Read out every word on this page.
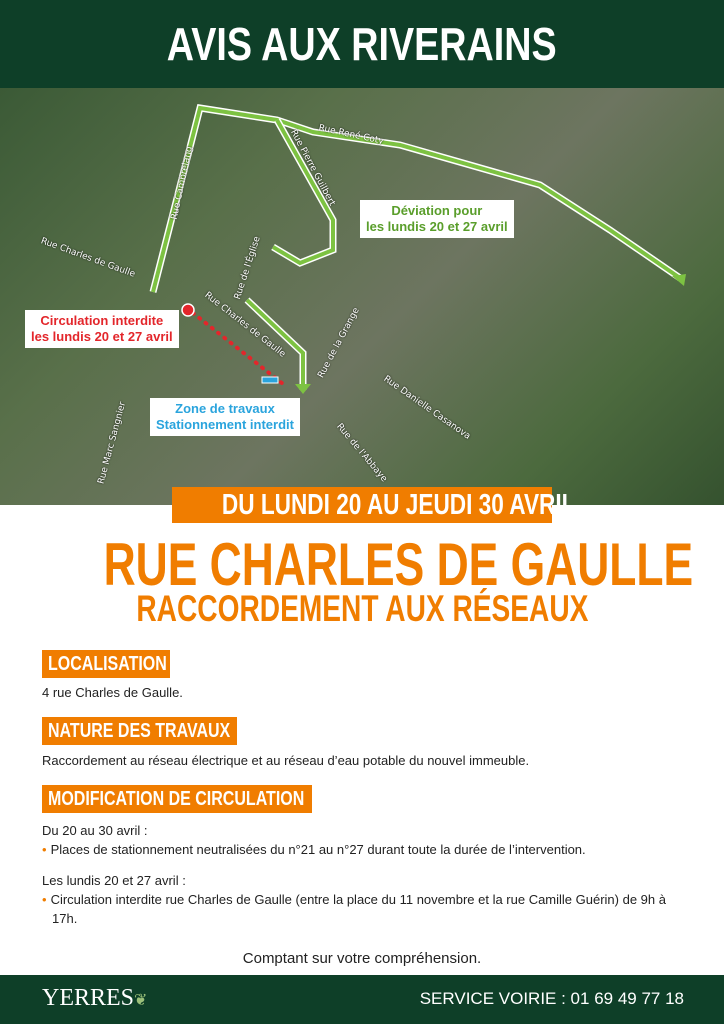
AVIS AUX RIVERAINS
Rue René Coty
Rue Pierre Guilbert
Rue Cambrelang
Rue Charles de Gaulle	Rue de l'Église
Rue Charles de Gaulle	Rue de la Grange
Rue Marc Sangnier	Rue de l'Abbaye
Rue Danielle Casanova
Déviation pour
les lundis 20 et 27 avril
Circulation interdite
les lundis 20 et 27 avril
Zone de travaux
Stationnement interdit
DU LUNDI 20 AU JEUDI 30 AVRIL
RUE CHARLES DE GAULLE
RACCORDEMENT AUX RÉSEAUX
LOCALISATION
4 rue Charles de Gaulle.
NATURE DES TRAVAUX
Raccordement au réseau électrique et au réseau d’eau potable du nouvel immeuble.
MODIFICATION DE CIRCULATION
Du 20 au 30 avril :
• Places de stationnement neutralisées du n°21 au n°27 durant toute la durée de l’intervention.
Les lundis 20 et 27 avril :
• Circulation interdite rue Charles de Gaulle (entre la place du 11 novembre et la rue Camille Guérin) de 9h à 17h.
Comptant sur votre compréhension.
YERRES❦	SERVICE VOIRIE : 01 69 49 77 18
